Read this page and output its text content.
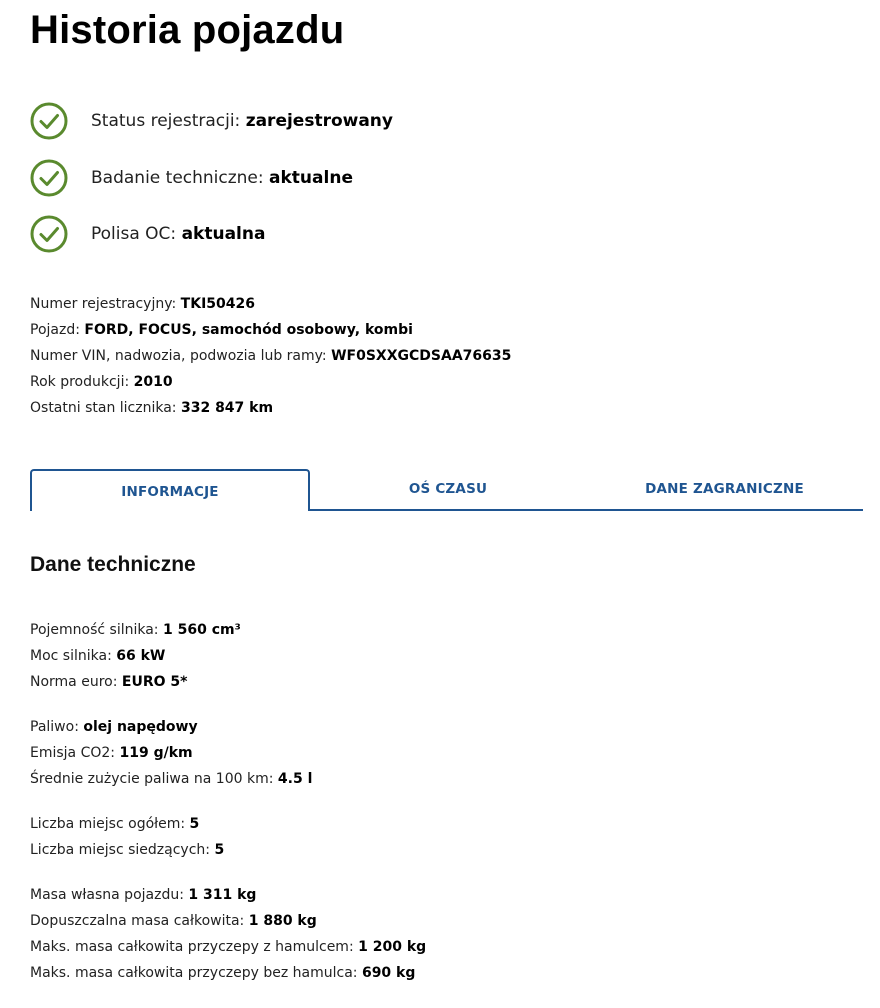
Historia pojazdu
Status rejestracji: zarejestrowany
Badanie techniczne: aktualne
Polisa OC: aktualna
Numer rejestracyjny: TKI50426
Pojazd: FORD, FOCUS, samochód osobowy, kombi
Numer VIN, nadwozia, podwozia lub ramy: WF0SXXGCDSAA76635
Rok produkcji: 2010
Ostatni stan licznika: 332 847 km
INFORMACJE	OŚ CZASU	DANE ZAGRANICZNE
Dane techniczne
Pojemność silnika: 1 560 cm³
Moc silnika: 66 kW
Norma euro: EURO 5*
Paliwo: olej napędowy
Emisja CO2: 119 g/km
Średnie zużycie paliwa na 100 km: 4.5 l
Liczba miejsc ogółem: 5
Liczba miejsc siedzących: 5
Masa własna pojazdu: 1 311 kg
Dopuszczalna masa całkowita: 1 880 kg
Maks. masa całkowita przyczepy z hamulcem: 1 200 kg
Maks. masa całkowita przyczepy bez hamulca: 690 kg
